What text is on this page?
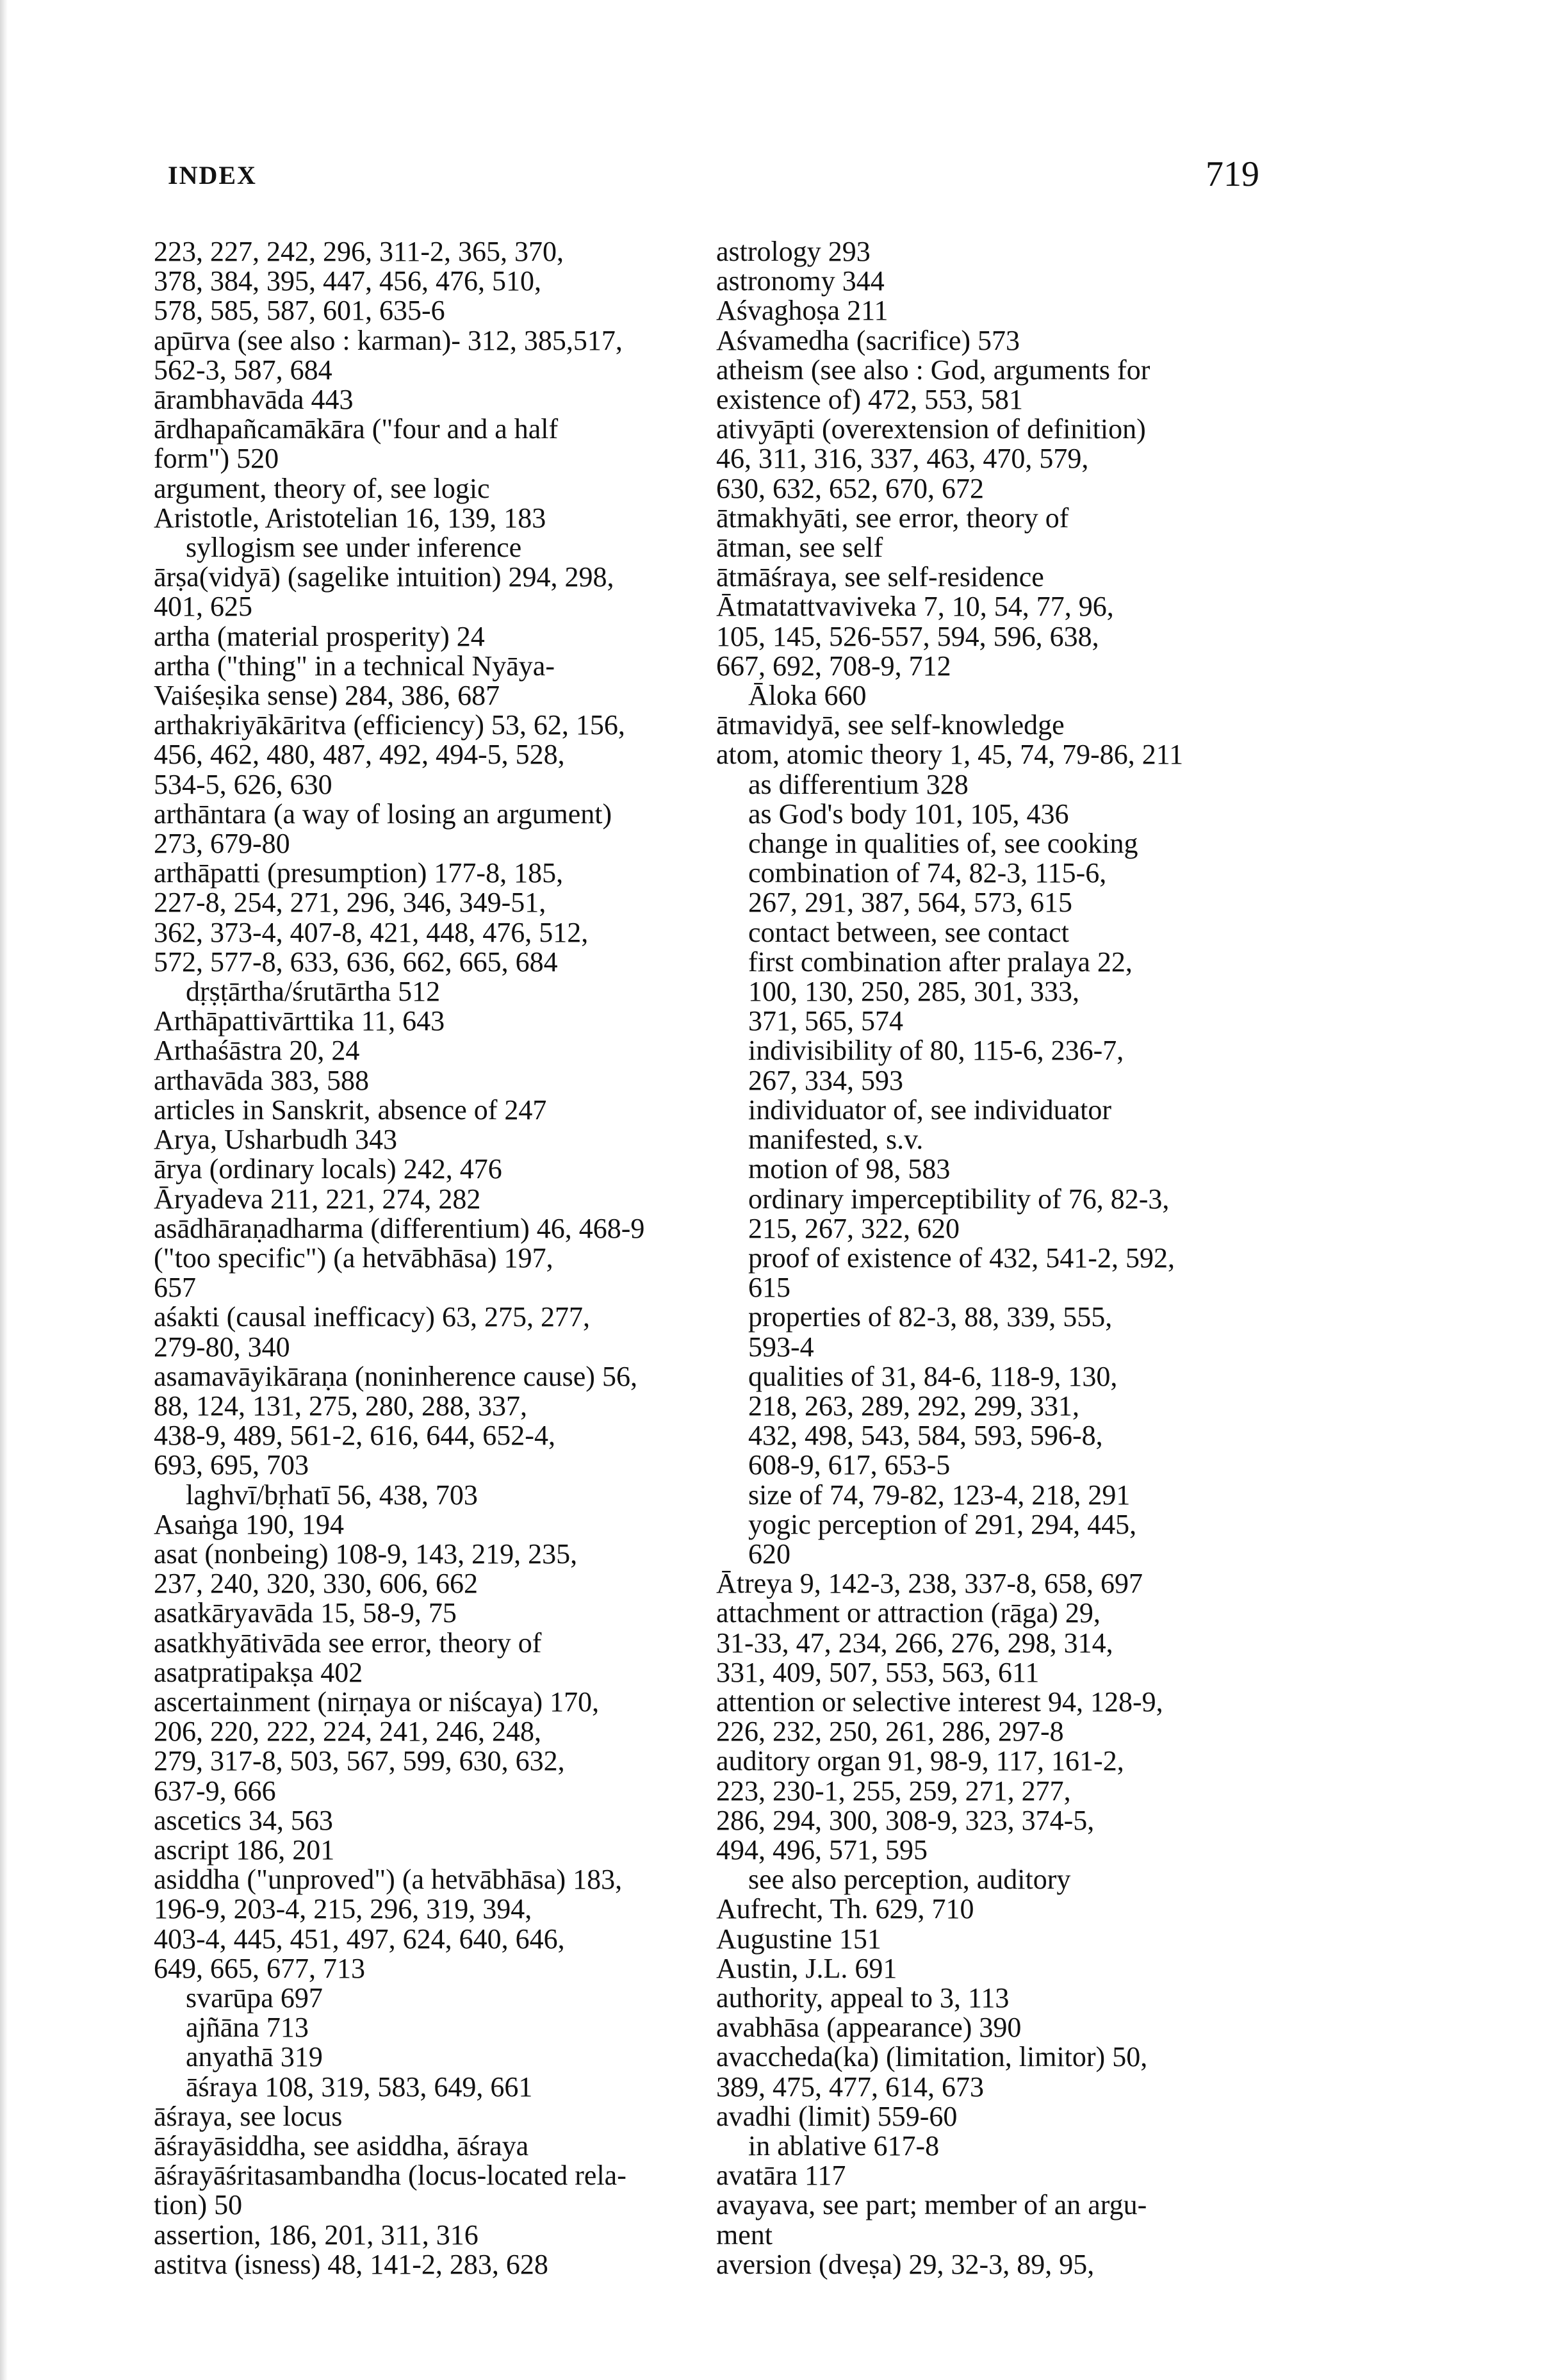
INDEX	719
223, 227, 242, 296, 311-2, 365, 370,
378, 384, 395, 447, 456, 476, 510,
578, 585, 587, 601, 635-6
apūrva (see also : karman)- 312, 385,517,
562-3, 587, 684
ārambhavāda 443
ārdhapañcamākāra ("four and a half
form") 520
argument, theory of, see logic
Aristotle, Aristotelian 16, 139, 183
syllogism see under inference
ārṣa(vidyā) (sagelike intuition) 294, 298,
401, 625
artha (material prosperity) 24
artha ("thing" in a technical Nyāya-
Vaiśeṣika sense) 284, 386, 687
arthakriyākāritva (efficiency) 53, 62, 156,
456, 462, 480, 487, 492, 494-5, 528,
534-5, 626, 630
arthāntara (a way of losing an argument)
273, 679-80
arthāpatti (presumption) 177-8, 185,
227-8, 254, 271, 296, 346, 349-51,
362, 373-4, 407-8, 421, 448, 476, 512,
572, 577-8, 633, 636, 662, 665, 684
dṛṣṭārtha/śrutārtha 512
Arthāpattivārttika 11, 643
Arthaśāstra 20, 24
arthavāda 383, 588
articles in Sanskrit, absence of 247
Arya, Usharbudh 343
ārya (ordinary locals) 242, 476
Āryadeva 211, 221, 274, 282
asādhāraṇadharma (differentium) 46, 468-9
("too specific") (a hetvābhāsa) 197,
657
aśakti (causal inefficacy) 63, 275, 277,
279-80, 340
asamavāyikāraṇa (noninherence cause) 56,
88, 124, 131, 275, 280, 288, 337,
438-9, 489, 561-2, 616, 644, 652-4,
693, 695, 703
laghvī/bṛhatī 56, 438, 703
Asaṅga 190, 194
asat (nonbeing) 108-9, 143, 219, 235,
237, 240, 320, 330, 606, 662
asatkāryavāda 15, 58-9, 75
asatkhyātivāda see error, theory of
asatpratipakṣa 402
ascertainment (nirṇaya or niścaya) 170,
206, 220, 222, 224, 241, 246, 248,
279, 317-8, 503, 567, 599, 630, 632,
637-9, 666
ascetics 34, 563
ascript 186, 201
asiddha ("unproved") (a hetvābhāsa) 183,
196-9, 203-4, 215, 296, 319, 394,
403-4, 445, 451, 497, 624, 640, 646,
649, 665, 677, 713
svarūpa 697
ajñāna 713
anyathā 319
āśraya 108, 319, 583, 649, 661
āśraya, see locus
āśrayāsiddha, see asiddha, āśraya
āśrayāśritasambandha (locus-located rela-
tion) 50
assertion, 186, 201, 311, 316
astitva (isness) 48, 141-2, 283, 628
astrology 293
astronomy 344
Aśvaghoṣa 211
Aśvamedha (sacrifice) 573
atheism (see also : God, arguments for
existence of) 472, 553, 581
ativyāpti (overextension of definition)
46, 311, 316, 337, 463, 470, 579,
630, 632, 652, 670, 672
ātmakhyāti, see error, theory of
ātman, see self
ātmāśraya, see self-residence
Ātmatattvaviveka 7, 10, 54, 77, 96,
105, 145, 526-557, 594, 596, 638,
667, 692, 708-9, 712
Āloka 660
ātmavidyā, see self-knowledge
atom, atomic theory 1, 45, 74, 79-86, 211
as differentium 328
as God's body 101, 105, 436
change in qualities of, see cooking
combination of 74, 82-3, 115-6,
267, 291, 387, 564, 573, 615
contact between, see contact
first combination after pralaya 22,
100, 130, 250, 285, 301, 333,
371, 565, 574
indivisibility of 80, 115-6, 236-7,
267, 334, 593
individuator of, see individuator
manifested, s.v.
motion of 98, 583
ordinary imperceptibility of 76, 82-3,
215, 267, 322, 620
proof of existence of 432, 541-2, 592,
615
properties of 82-3, 88, 339, 555,
593-4
qualities of 31, 84-6, 118-9, 130,
218, 263, 289, 292, 299, 331,
432, 498, 543, 584, 593, 596-8,
608-9, 617, 653-5
size of 74, 79-82, 123-4, 218, 291
yogic perception of 291, 294, 445,
620
Ātreya 9, 142-3, 238, 337-8, 658, 697
attachment or attraction (rāga) 29,
31-33, 47, 234, 266, 276, 298, 314,
331, 409, 507, 553, 563, 611
attention or selective interest 94, 128-9,
226, 232, 250, 261, 286, 297-8
auditory organ 91, 98-9, 117, 161-2,
223, 230-1, 255, 259, 271, 277,
286, 294, 300, 308-9, 323, 374-5,
494, 496, 571, 595
see also perception, auditory
Aufrecht, Th. 629, 710
Augustine 151
Austin, J.L. 691
authority, appeal to 3, 113
avabhāsa (appearance) 390
avaccheda(ka) (limitation, limitor) 50,
389, 475, 477, 614, 673
avadhi (limit) 559-60
in ablative 617-8
avatāra 117
avayava, see part; member of an argu-
ment
aversion (dveṣa) 29, 32-3, 89, 95,
